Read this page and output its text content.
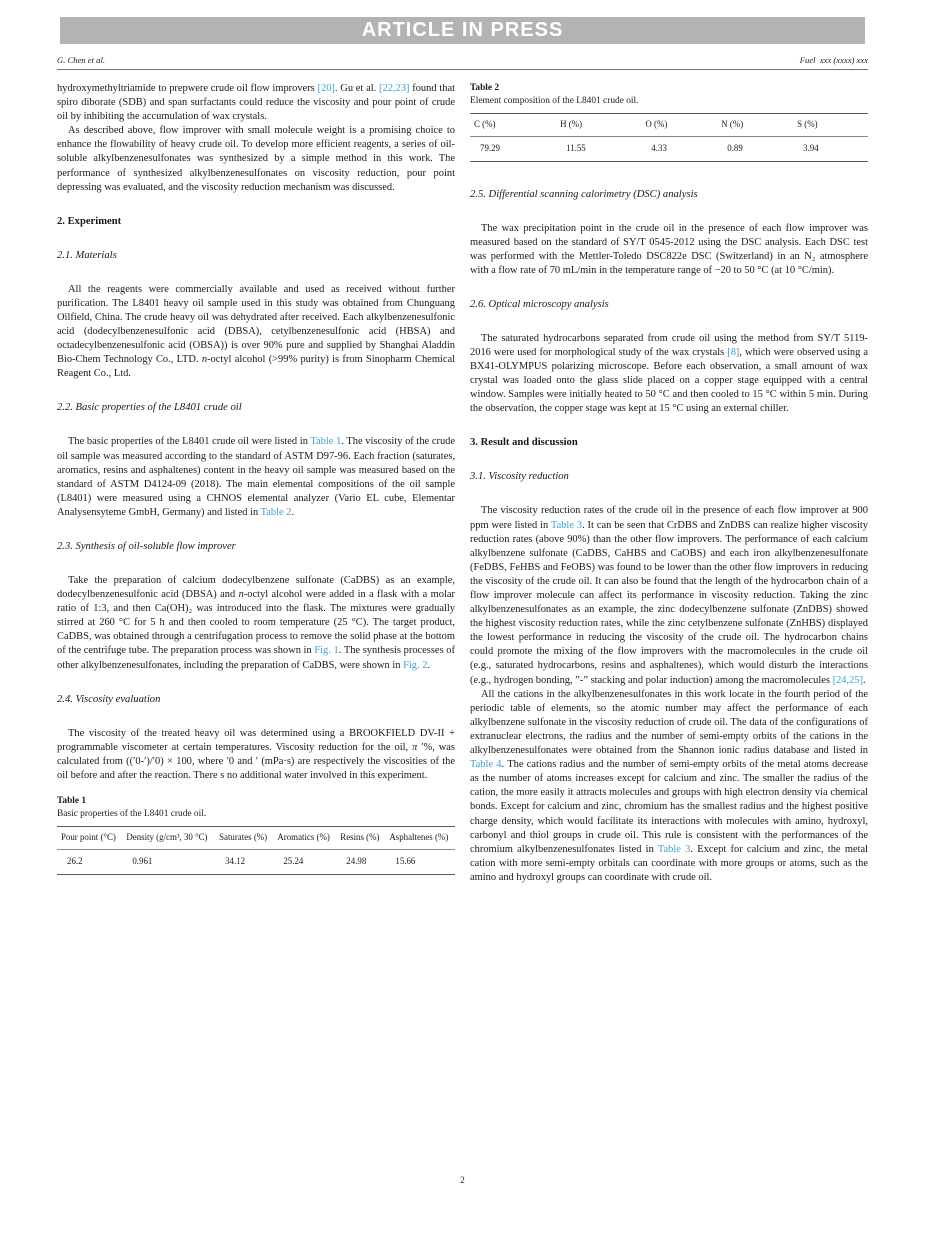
ARTICLE IN PRESS
G. Chen et al.	Fuel xxx (xxxx) xxx

hydroxymethyltriamide to prepwere crude oil flow improvers [20]. Gu et al. [22,23] found that spiro diborate (SDB) and span surfactants could reduce the viscosity and pour point of crude oil by inhibiting the accumulation of wax crystals.

As described above, flow improver with small molecule weight is a promising choice to enhance the flowability of heavy crude oil. To develop more efficient reagents, a series of oil-soluble alkylbenzenesulfonates was synthesized by a simple method in this work. The performance of synthesized alkylbenzenesulfonates on viscosity reduction, pour point depressing was evaluated, and the viscosity reduction mechanism was discussed.

2. Experiment
2.1. Materials

All the reagents were commercially available and used as received without further purification. The L8401 heavy oil sample used in this study was obtained from Chunguang Oilfield, China. The crude heavy oil was dehydrated after received. Each alkylbenzenesulfonic acid (dodecylbenzenesulfonic acid (DBSA), cetylbenzenesulfonic acid (HBSA) and octadecylbenzenesulfonic acid (OBSA)) is over 90% pure and supplied by Shanghai Aladdin Bio-Chem Technology Co., LTD. n-octyl alcohol (>99% purity) is from Sinopharm Chemical Reagent Co., Ltd.

2.2. Basic properties of the L8401 crude oil

The basic properties of the L8401 crude oil were listed in Table 1. The viscosity of the crude oil sample was measured according to the standard of ASTM D97-96. Each fraction (saturates, aromatics, resins and asphaltenes) content in the heavy oil sample was measured based on the standard of ASTM D4124-09 (2018). The main elemental compositions of the oil sample (L8401) were measured using a CHNOS elemental analyzer (Vario EL cube, Elementar Analysensyteme GmbH, Germany) and listed in Table 2.

2.3. Synthesis of oil-soluble flow improver

Take the preparation of calcium dodecylbenzene sulfonate (CaDBS) as an example, dodecylbenzenesulfonic acid (DBSA) and n-octyl alcohol were added in a flask with a molar ratio of 1:3, and then Ca(OH)₂ was introduced into the flask. The mixtures were gradually stirred at 260 °C for 5 h and then cooled to room temperature (25 °C). The target product, CaDBS, was obtained through a centrifugation process to remove the solid phase at the bottom of the centrifuge tube. The preparation process was shown in Fig. 1. The synthesis processes of other alkylbenzenesulfonates, including the preparation of CaDBS, were shown in Fig. 2.

2.4. Viscosity evaluation

The viscosity of the treated heavy oil was determined using a BROOKFIELD DV-II + programmable viscometer at certain temperatures. Viscosity reduction for the oil, π ʹ%, was calculated from ((ʹ0-ʹ)/ʹ0) × 100, where ʹ0 and ʹ (mPa·s) are respectively the viscosities of the oil before and after the reaction. There s no additional water involved in this experiment.

Table 1
Basic properties of the L8401 crude oil.
Pour point (°C)	Density (g/cm³, 30 °C)	Saturates (%)	Aromatics (%)	Resins (%)	Asphaltenes (%)
26.2	0.961	34.12	25.24	24.98	15.66
Table 2
Element composition of the L8401 crude oil.
C (%)	H (%)	O (%)	N (%)	S (%)
79.29	11.55	4.33	0.89	3.94
2.5. Differential scanning calorimetry (DSC) analysis

The wax precipitation point in the crude oil in the presence of each flow improver was measured based on the standard of SY/T 0545-2012 using the DSC analysis. Each DSC test was performed with the Mettler-Toledo DSC822e DSC (Switzerland) in an N₂ atmosphere with a flow rate of 70 mL/min in the temperature range of −20 to 50 °C (at 10 °C/min).

2.6. Optical microscopy analysis

The saturated hydrocarbons separated from crude oil using the method from SY/T 5119-2016 were used for morphological study of the wax crystals [8], which were observed using a BX41-OLYMPUS polarizing microscope. Before each observation, a small amount of wax crystal was loaded onto the glass slide placed on a copper stage equipped with a central window. Samples were initially heated to 50 °C and then cooled to 15 °C within 5 min. During the observation, the copper stage was kept at 15 °C using an external chiller.

3. Result and discussion
3.1. Viscosity reduction

The viscosity reduction rates of the crude oil in the presence of each flow improver at 900 ppm were listed in Table 3. It can be seen that CrDBS and ZnDBS can realize higher viscosity reduction rates (above 90%) than the other flow improvers. The performance of each calcium alkylbenzene sulfonate (CaDBS, CaHBS and CaOBS) and each iron alkylbenzenesulfonate (FeDBS, FeHBS and FeOBS) was found to be lower than the other flow improvers in reducing the viscosity of the crude oil. It can also be found that the length of the hydrocarbon chain of a flow improver molecule can affect its performance in viscosity reduction. Taking the zinc alkylbenzenesulfonates as an example, the zinc dodecylbenzene sulfonate (ZnDBS) showed the highest viscosity reduction rates, while the zinc cetylbenzene sulfonate (ZnHBS) displayed the lowest performance in reducing the viscosity of the crude oil. The hydrocarbon chains could promote the mixing of the flow improvers with the macromolecules in the crude oil (e.g., saturated hydrocarbons, resins and asphaltenes), which would disturb the interactions (e.g., hydrogen bonding, ”-” stacking and polar induction) among the macromolecules [24,25].

All the cations in the alkylbenzenesulfonates in this work locate in the fourth period of the periodic table of elements, so the atomic number may affect the performance of each alkylbenzene sulfonate in the viscosity reduction of crude oil. The data of the configurations of extranuclear electrons, the radius and the number of semi-empty orbits of the cations in the alkylbenzenesulfonates were obtained from the Shannon ionic radius database and listed in Table 4. The cations radius and the number of semi-empty orbits of the metal atoms decrease as the number of atoms increases except for calcium and zinc. The smaller the radius of the cation, the more easily it attracts molecules and groups with high electron density via chemical bonds. Except for calcium and zinc, chromium has the smallest radius and the highest positive charge density, which would facilitate its interactions with molecules with amino, hydroxyl, carbonyl and thiol groups in crude oil. This rule is consistent with the performances of the chromium alkylbenzenesulfonates listed in Table 3. Except for calcium and zinc, the metal cation with more semi-empty orbitals can coordinate with more groups or atoms, such as the amino and hydroxyl groups can coordinate with crude oil.

2
